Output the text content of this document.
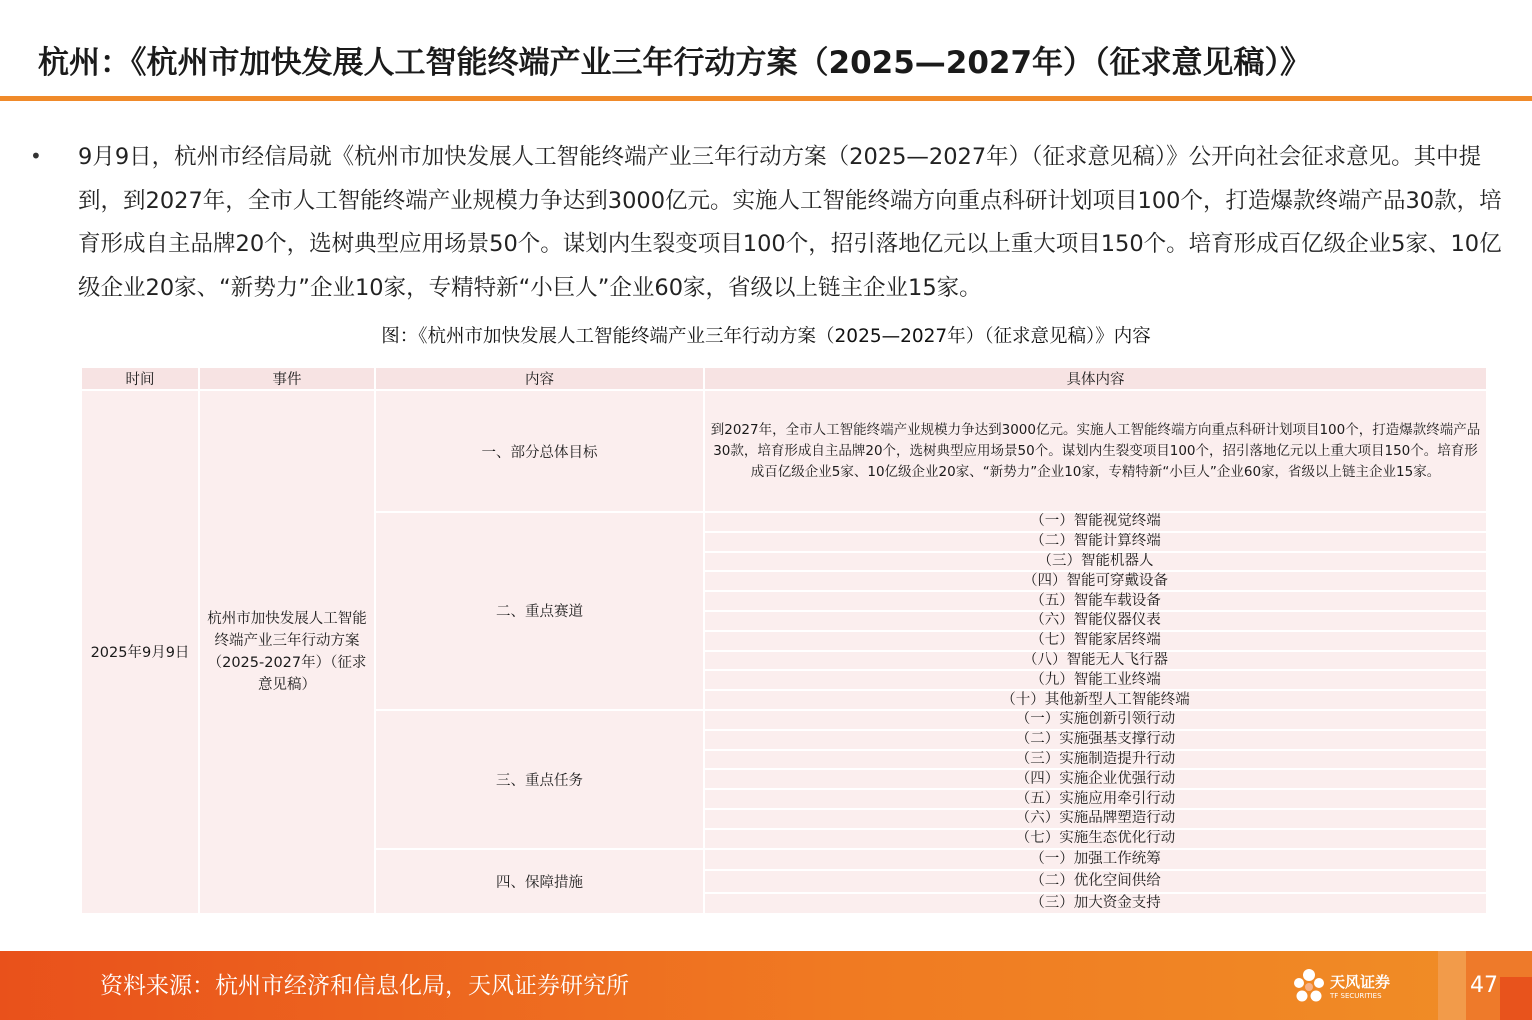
杭州：《杭州市加快发展人工智能终端产业三年行动方案（2025—2027年）（征求意见稿）》
• 9月9日，杭州市经信局就《杭州市加快发展人工智能终端产业三年行动方案（2025—2027年）（征求意见稿）》公开向社会征求意见。其中提到，到2027年，全市人工智能终端产业规模力争达到3000亿元。实施人工智能终端方向重点科研计划项目100个，打造爆款终端产品30款，培育形成自主品牌20个，选树典型应用场景50个。谋划内生裂变项目100个，招引落地亿元以上重大项目150个。培育形成百亿级企业5家、10亿级企业20家、“新势力”企业10家，专精特新“小巨人”企业60家，省级以上链主企业15家。
图：《杭州市加快发展人工智能终端产业三年行动方案（2025—2027年）（征求意见稿）》内容
时间	事件	内容	具体内容
2025年9月9日	杭州市加快发展人工智能终端产业三年行动方案（2025-2027年）（征求意见稿）	一、部分总体目标	到2027年，全市人工智能终端产业规模力争达到3000亿元。实施人工智能终端方向重点科研计划项目100个，打造爆款终端产品30款，培育形成自主品牌20个，选树典型应用场景50个。谋划内生裂变项目100个，招引落地亿元以上重大项目150个。培育形成百亿级企业5家、10亿级企业20家、“新势力”企业10家，专精特新“小巨人”企业60家，省级以上链主企业15家。
		二、重点赛道	（一）智能视觉终端
			（二）智能计算终端
			（三）智能机器人
			（四）智能可穿戴设备
			（五）智能车载设备
			（六）智能仪器仪表
			（七）智能家居终端
			（八）智能无人飞行器
			（九）智能工业终端
			（十）其他新型人工智能终端
		三、重点任务	（一）实施创新引领行动
			（二）实施强基支撑行动
			（三）实施制造提升行动
			（四）实施企业优强行动
			（五）实施应用牵引行动
			（六）实施品牌塑造行动
			（七）实施生态优化行动
		四、保障措施	（一）加强工作统筹
			（二）优化空间供给
			（三）加大资金支持
资料来源：杭州市经济和信息化局，天风证券研究所	天风证券
TF SECURITIES	47
